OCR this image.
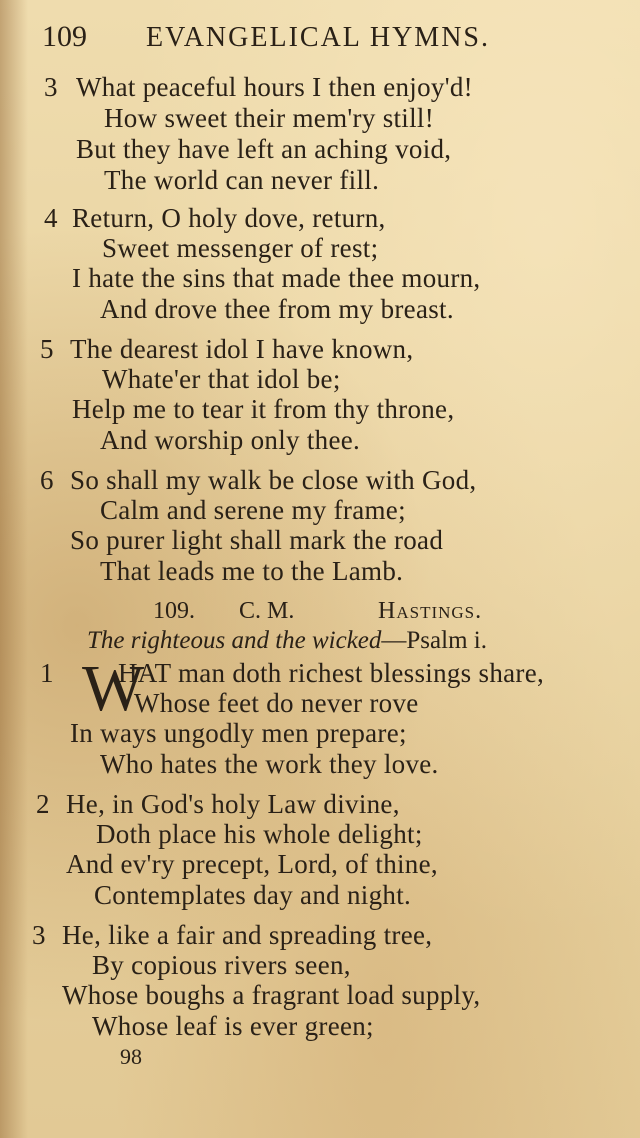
109 EVANGELICAL HYMNS.
3 What peaceful hours I then enjoy'd!
How sweet their mem'ry still!
But they have left an aching void,
The world can never fill.
4 Return, O holy dove, return,
Sweet messenger of rest;
I hate the sins that made thee mourn,
And drove thee from my breast.
5 The dearest idol I have known,
Whate'er that idol be;
Help me to tear it from thy throne,
And worship only thee.
6 So shall my walk be close with God,
Calm and serene my frame;
So purer light shall mark the road
That leads me to the Lamb.
109. C. M.	Hastings.
The righteous and the wicked—Psalm i.
1 W
HAT man doth richest blessings share,
Whose feet do never rove
In ways ungodly men prepare;
Who hates the work they love.
2 He, in God's holy Law divine,
Doth place his whole delight;
And ev'ry precept, Lord, of thine,
Contemplates day and night.
3 He, like a fair and spreading tree,
By copious rivers seen,
Whose boughs a fragrant load supply,
Whose leaf is ever green;
98
